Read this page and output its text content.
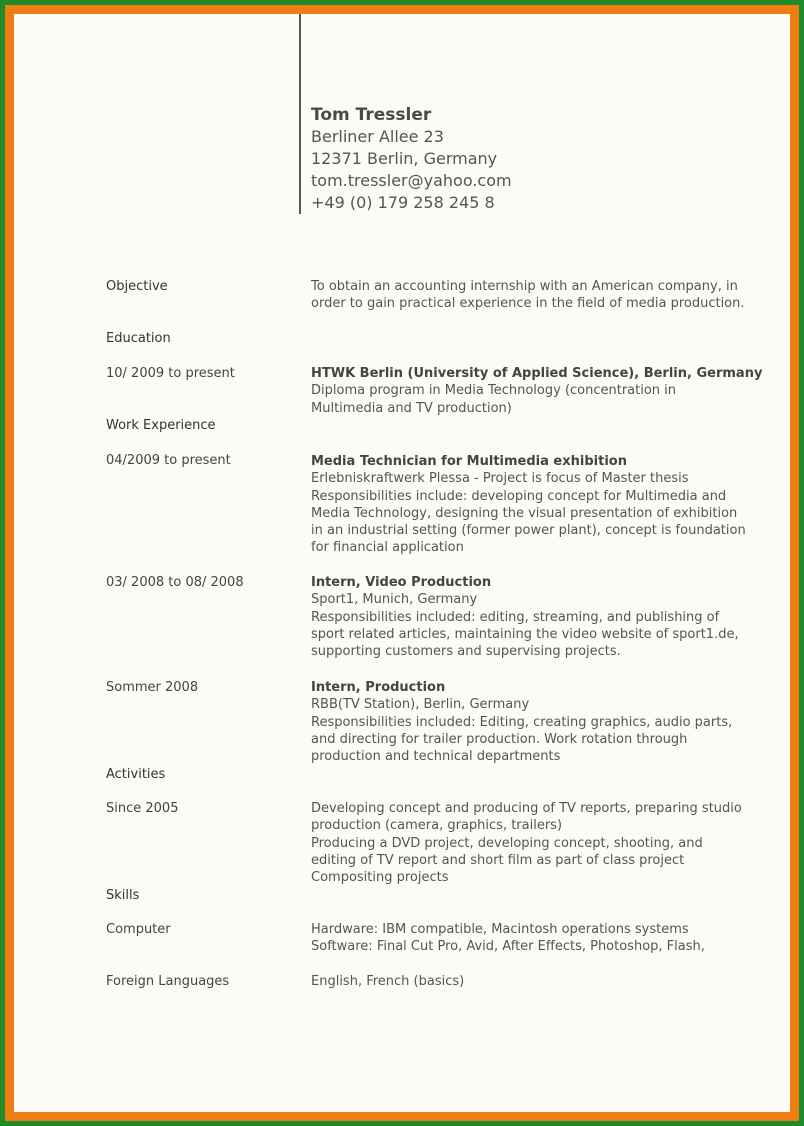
Tom Tressler
Berliner Allee 23
12371 Berlin, Germany
tom.tressler@yahoo.com
+49 (0) 179 258 245 8
Objective	To obtain an accounting internship with an American company, in
order to gain practical experience in the field of media production.
Education
10/ 2009 to present	HTWK Berlin (University of Applied Science), Berlin, Germany
Diploma program in Media Technology (concentration in
Multimedia and TV production)
Work Experience
04/2009 to present	Media Technician for Multimedia exhibition
Erlebniskraftwerk Plessa - Project is focus of Master thesis
Responsibilities include: developing concept for Multimedia and
Media Technology, designing the visual presentation of exhibition
in an industrial setting (former power plant), concept is foundation
for financial application
03/ 2008 to 08/ 2008	Intern, Video Production
Sport1, Munich, Germany
Responsibilities included: editing, streaming, and publishing of
sport related articles, maintaining the video website of sport1.de,
supporting customers and supervising projects.
Sommer 2008	Intern, Production
RBB(TV Station), Berlin, Germany
Responsibilities included: Editing, creating graphics, audio parts,
and directing for trailer production. Work rotation through
production and technical departments
Activities
Since 2005	Developing concept and producing of TV reports, preparing studio
production (camera, graphics, trailers)
Producing a DVD project, developing concept, shooting, and
editing of TV report and short film as part of class project
Compositing projects
Skills
Computer	Hardware: IBM compatible, Macintosh operations systems
Software: Final Cut Pro, Avid, After Effects, Photoshop, Flash,
Foreign Languages	English, French (basics)
